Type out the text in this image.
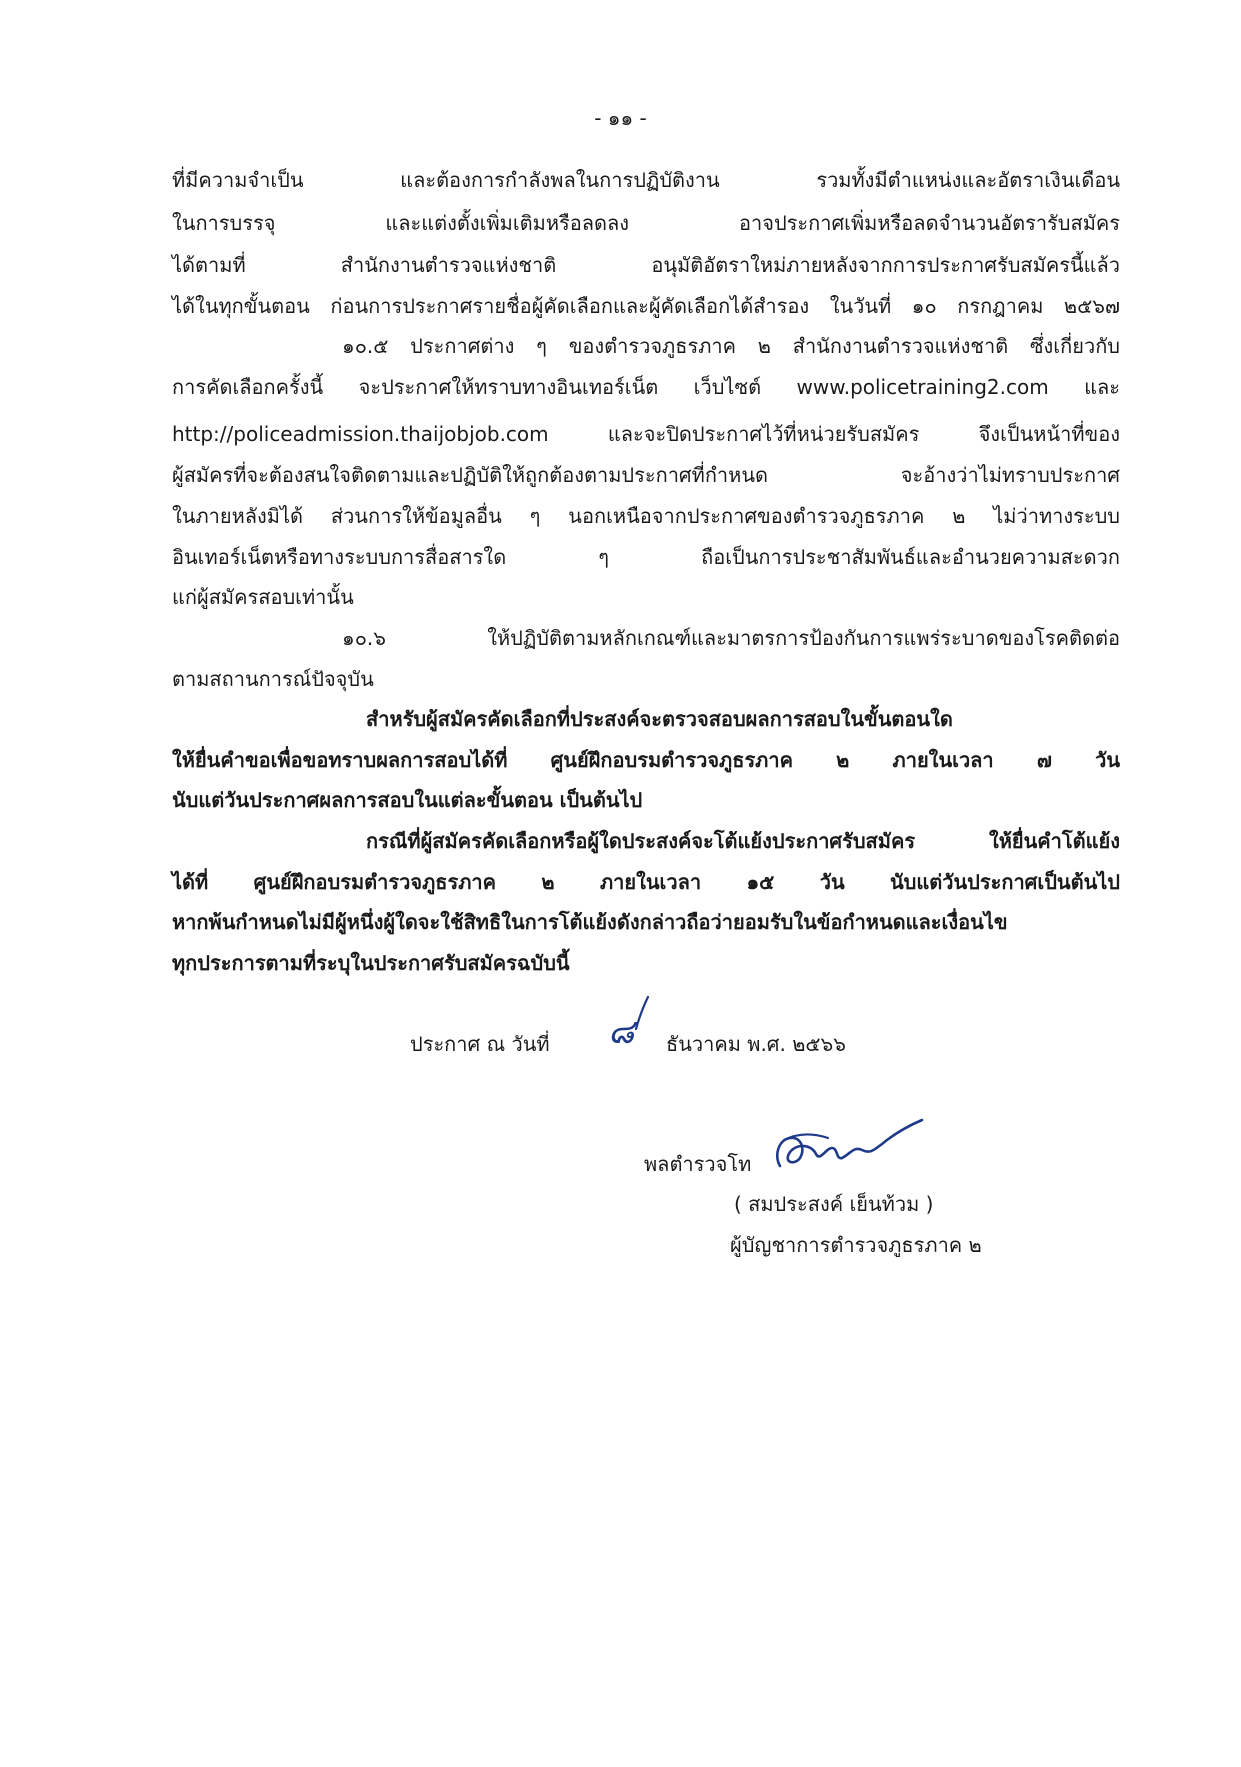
- ๑๑ -
ที่มีความจำเป็น และต้องการกำลังพลในการปฏิบัติงาน รวมทั้งมีตำแหน่งและอัตราเงินเดือน
ในการบรรจุ และแต่งตั้งเพิ่มเติมหรือลดลง อาจประกาศเพิ่มหรือลดจำนวนอัตรารับสมัคร
ได้ตามที่ สำนักงานตำรวจแห่งชาติ อนุมัติอัตราใหม่ภายหลังจากการประกาศรับสมัครนี้แล้ว
ได้ในทุกขั้นตอน ก่อนการประกาศรายชื่อผู้คัดเลือกและผู้คัดเลือกได้สำรอง ในวันที่ ๑๐ กรกฎาคม ๒๕๖๗
๑๐.๕ ประกาศต่าง ๆ ของตำรวจภูธรภาค ๒ สำนักงานตำรวจแห่งชาติ ซึ่งเกี่ยวกับ
การคัดเลือกครั้งนี้ จะประกาศให้ทราบทางอินเทอร์เน็ต เว็บไซต์ www.policetraining2.com และ
http://policeadmission.thaijobjob.com และจะปิดประกาศไว้ที่หน่วยรับสมัคร จึงเป็นหน้าที่ของ
ผู้สมัครที่จะต้องสนใจติดตามและปฏิบัติให้ถูกต้องตามประกาศที่กำหนด จะอ้างว่าไม่ทราบประกาศ
ในภายหลังมิได้ ส่วนการให้ข้อมูลอื่น ๆ นอกเหนือจากประกาศของตำรวจภูธรภาค ๒ ไม่ว่าทางระบบ
อินเทอร์เน็ตหรือทางระบบการสื่อสารใด ๆ ถือเป็นการประชาสัมพันธ์และอำนวยความสะดวก
แก่ผู้สมัครสอบเท่านั้น
๑๐.๖ ให้ปฏิบัติตามหลักเกณฑ์และมาตรการป้องกันการแพร่ระบาดของโรคติดต่อ
ตามสถานการณ์ปัจจุบัน
สำหรับผู้สมัครคัดเลือกที่ประสงค์จะตรวจสอบผลการสอบในขั้นตอนใด
ให้ยื่นคำขอเพื่อขอทราบผลการสอบได้ที่ ศูนย์ฝึกอบรมตำรวจภูธรภาค ๒ ภายในเวลา ๗ วัน
นับแต่วันประกาศผลการสอบในแต่ละขั้นตอน เป็นต้นไป
กรณีที่ผู้สมัครคัดเลือกหรือผู้ใดประสงค์จะโต้แย้งประกาศรับสมัคร ให้ยื่นคำโต้แย้ง
ได้ที่ ศูนย์ฝึกอบรมตำรวจภูธรภาค ๒ ภายในเวลา ๑๕ วัน นับแต่วันประกาศเป็นต้นไป
หากพ้นกำหนดไม่มีผู้หนึ่งผู้ใดจะใช้สิทธิในการโต้แย้งดังกล่าวถือว่ายอมรับในข้อกำหนดและเงื่อนไข
ทุกประการตามที่ระบุในประกาศรับสมัครฉบับนี้
ประกาศ ณ วันที่ ๘ ธันวาคม พ.ศ. ๒๕๖๖
พลตำรวจโท
( สมประสงค์ เย็นท้วม )
ผู้บัญชาการตำรวจภูธรภาค ๒
